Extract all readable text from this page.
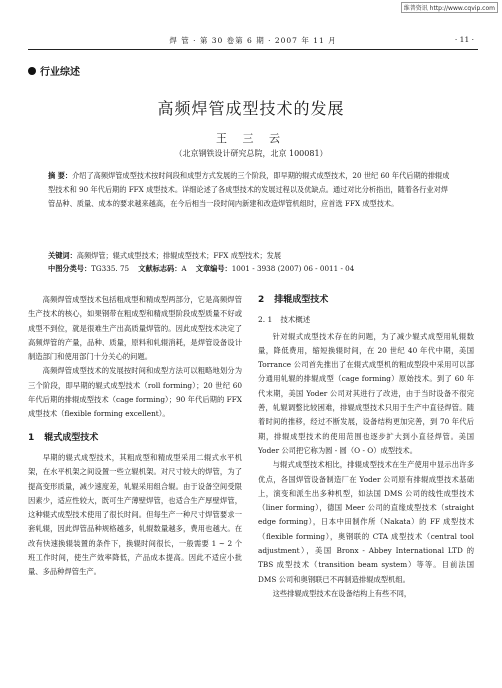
维普资讯 http://www.cqvip.com
焊 管 · 第 30 卷第 6 期 · 2007 年 11 月	· 11 ·
行业综述
高频焊管成型技术的发展
王 三 云
（北京钢铁设计研究总院，北京 100081）

摘 要：介绍了高频焊管成型技术按时间段和成型方式发展的三个阶段，即早期的辊式成型技术，20 世纪 60 年代后期的排辊成型技术和 90 年代后期的 FFX 成型技术。详细论述了各成型技术的发展过程以及优缺点。通过对比分析指出，随着各行业对焊管品种、质量、成本的要求越来越高，在今后相当一段时间内新建和改造焊管机组时，应首选 FFX 成型技术。

关键词：高频焊管；辊式成型技术；排辊成型技术；FFX 成型技术；发展
中图分类号：TG335. 75 文献标志码：A 文章编号：1001 - 3938 (2007) 06 - 0011 - 04

高频焊管成型技术包括粗成型和精成型两部分，它是高频焊管生产技术的核心，如果钢带在粗成型和精成型阶段成型质量不好或成型不到位，就是很难生产出高质量焊管的。因此成型技术决定了高频焊管的产量，品种、质量，原料和轧辊消耗，是焊管设备设计制造部门和使用部门十分关心的问题。

高频焊管成型技术的发展按时间和成型方法可以粗略地划分为三个阶段，即早期的辊式成型技术（roll forming）；20 世纪 60 年代后期的排辊成型技术（cage forming）；90 年代后期的 FFX 成型技术（flexible forming excellent）。

1 辊式成型技术

早期的辊式成型技术，其粗成型和精成型采用二辊式水平机架，在水平机架之间设置一些立辊机架。对尺寸较大的焊管，为了提高变形质量，减少速度差，轧辊采用组合辊。由于设备空间受限因素少，适应性较大，既可生产薄壁焊管，也适合生产厚壁焊管，这种辊式成型技术使用了很长时间。但每生产一种尺寸焊管要求一套轧辊，因此焊管品种规格越多，轧辊数量越多，费用也越大。在改有快速换辊装置的条件下，换辊时间很长，一般需要 1 ~ 2 个班工作时间，使生产效率降低，产品成本提高。因此不适应小批量、多品种焊管生产。

2 排辊成型技术
2. 1 技术概述

针对辊式成型技术存在的问题，为了减少辊式成型用轧辊数量，降低费用，缩短换辊时间，在 20 世纪 40 年代中期，美国 Torrance 公司首先推出了在辊式成型机的粗成型段中采用可以部分通用轧辊的排辊成型（cage forming）原始技术。到了 60 年代末期，美国 Yoder 公司对其进行了改进，由于当时设备不很完善，轧辊调整比较困难，排辊成型技术只用于生产中直径焊管。随着时间的推移，经过不断发展，设备结构更加完善，到 70 年代后期，排辊成型技术的使用范围也逐步扩大到小直径焊管。美国 Yoder 公司把它称为圆 - 圆（O - O）成型技术。

与辊式成型技术相比，排辊成型技术在生产使用中显示出许多优点，各国焊管设备制造厂在 Yoder 公司原有排辊成型技术基础上，演变和派生出多种机型，如法国 DMS 公司的线性成型技术（liner forming），德国 Meer 公司的直缘成型技术（straight edge forming），日本中田制作所（Nakata）的 FF 成型技术（flexible forming），奥钢联的 CTA 成型技术（central tool adjustment），美国 Bronx - Abbey International LTD 的 TBS 成型技术（transition beam system）等等。目前法国 DMS 公司和奥钢联已不再制造排辊成型机组。

这些排辊成型技术在设备结构上有些不同，
